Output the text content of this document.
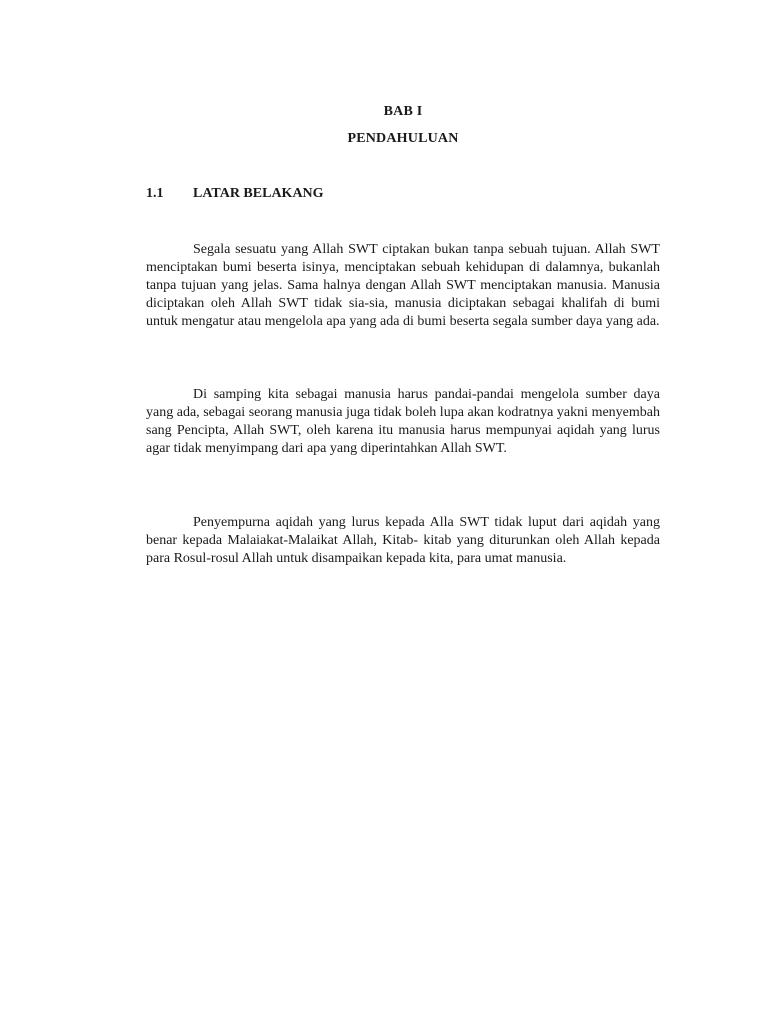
BAB I
PENDAHULUAN
1.1 LATAR BELAKANG

Segala sesuatu yang Allah SWT ciptakan bukan tanpa sebuah tujuan. Allah SWT menciptakan bumi beserta isinya, menciptakan sebuah kehidupan di dalamnya, bukanlah tanpa tujuan yang jelas. Sama halnya dengan Allah SWT menciptakan manusia. Manusia diciptakan oleh Allah SWT tidak sia-sia, manusia diciptakan sebagai khalifah di bumi untuk mengatur atau mengelola apa yang ada di bumi beserta segala sumber daya yang ada.

Di samping kita sebagai manusia harus pandai-pandai mengelola sumber daya yang ada, sebagai seorang manusia juga tidak boleh lupa akan kodratnya yakni menyembah sang Pencipta, Allah SWT, oleh karena itu manusia harus mempunyai aqidah yang lurus agar tidak menyimpang dari apa yang diperintahkan Allah SWT.

Penyempurna aqidah yang lurus kepada Alla SWT tidak luput dari aqidah yang benar kepada Malaiakat-Malaikat Allah, Kitab- kitab yang diturunkan oleh Allah kepada para Rosul-rosul Allah untuk disampaikan kepada kita, para umat manusia.
